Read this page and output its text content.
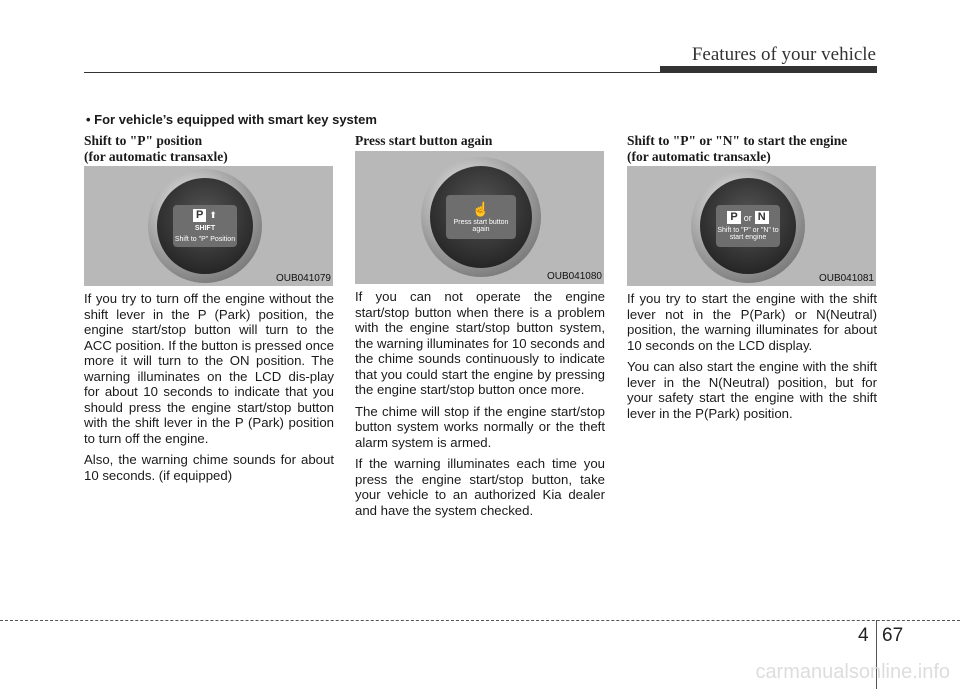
Features of your vehicle
• For vehicle’s equipped with smart key system
Shift to "P" position
(for automatic transaxle)
P ⬆
SHIFT
Shift to "P" Position
OUB041079

If you try to turn off the engine without the shift lever in the P (Park) position, the engine start/stop button will turn to the ACC position. If the button is pressed once more it will turn to the ON position. The warning illuminates on the LCD dis-play for about 10 seconds to indicate that you should press the engine start/stop button with the shift lever in the P (Park) position to turn off the engine.

Also, the warning chime sounds for about 10 seconds. (if equipped)

Press start button again
☝
Press start button again
OUB041080

If you can not operate the engine start/stop button when there is a problem with the engine start/stop button system, the warning illuminates for 10 seconds and the chime sounds continuously to indicate that you could start the engine by pressing the engine start/stop button once more.

The chime will stop if the engine start/stop button system works normally or the theft alarm system is armed.

If the warning illuminates each time you press the engine start/stop button, take your vehicle to an authorized Kia dealer and have the system checked.

Shift to "P" or "N" to start the engine
(for automatic transaxle)
P or N
Shift to "P" or "N" to start engine
OUB041081

If you try to start the engine with the shift lever not in the P(Park) or N(Neutral) position, the warning illuminates for about 10 seconds on the LCD display.

You can also start the engine with the shift lever in the N(Neutral) position, but for your safety start the engine with the shift lever in the P(Park) position.

4 67
carmanualsonline.info
